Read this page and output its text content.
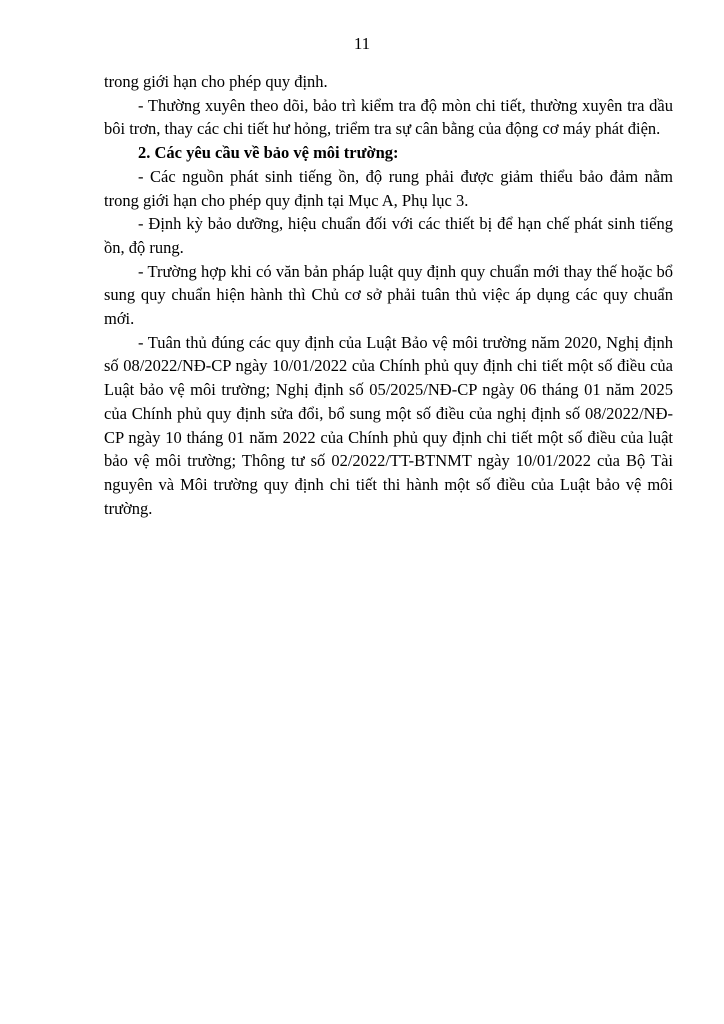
11

trong giới hạn cho phép quy định.

- Thường xuyên theo dõi, bảo trì kiểm tra độ mòn chi tiết, thường xuyên tra dầu bôi trơn, thay các chi tiết hư hỏng, triểm tra sự cân bằng của động cơ máy phát điện.

2. Các yêu cầu về bảo vệ môi trường:

- Các nguồn phát sinh tiếng ồn, độ rung phải được giảm thiểu bảo đảm nằm trong giới hạn cho phép quy định tại Mục A, Phụ lục 3.

- Định kỳ bảo dưỡng, hiệu chuẩn đối với các thiết bị để hạn chế phát sinh tiếng ồn, độ rung.

- Trường hợp khi có văn bản pháp luật quy định quy chuẩn mới thay thế hoặc bổ sung quy chuẩn hiện hành thì Chủ cơ sở phải tuân thủ việc áp dụng các quy chuẩn mới.

- Tuân thủ đúng các quy định của Luật Bảo vệ môi trường năm 2020, Nghị định số 08/2022/NĐ-CP ngày 10/01/2022 của Chính phủ quy định chi tiết một số điều của Luật bảo vệ môi trường; Nghị định số 05/2025/NĐ-CP ngày 06 tháng 01 năm 2025 của Chính phủ quy định sửa đổi, bổ sung một số điều của nghị định số 08/2022/NĐ-CP ngày 10 tháng 01 năm 2022 của Chính phủ quy định chi tiết một số điều của luật bảo vệ môi trường; Thông tư số 02/2022/TT-BTNMT ngày 10/01/2022 của Bộ Tài nguyên và Môi trường quy định chi tiết thi hành một số điều của Luật bảo vệ môi trường.
